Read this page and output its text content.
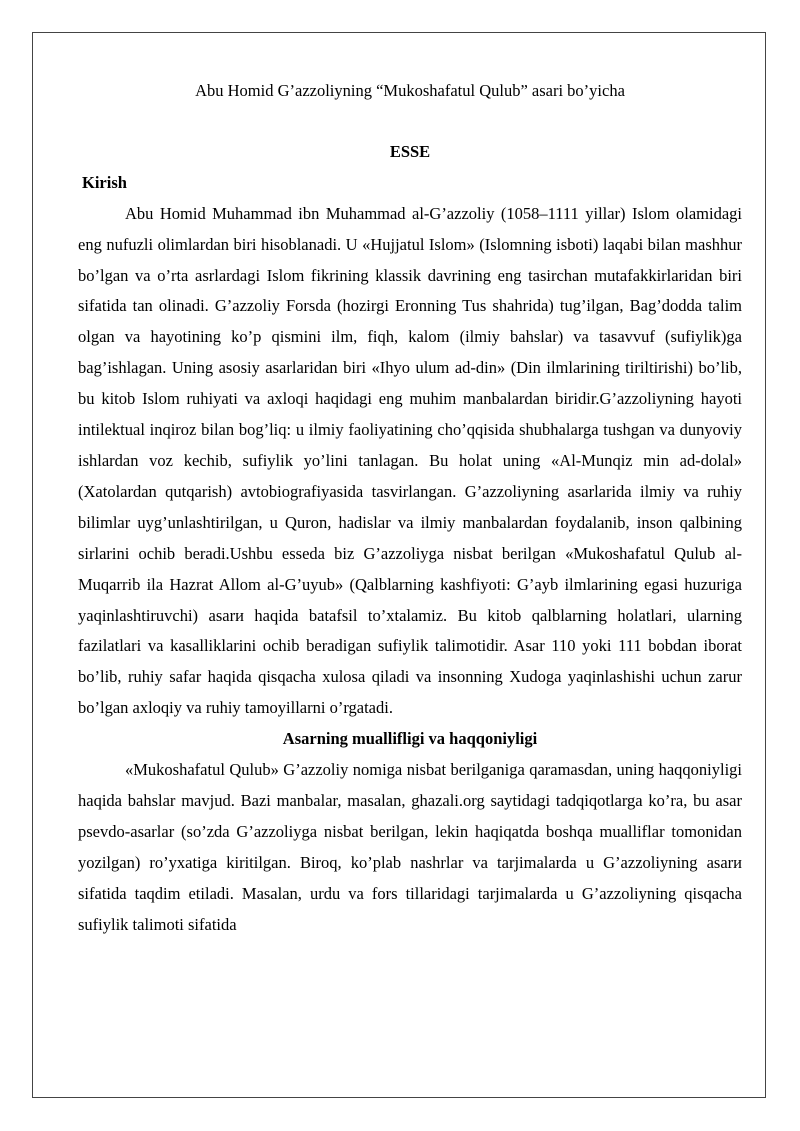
Abu Homid G’azzoliyning “Mukoshafatul Qulub” asari bo’yicha

ESSE

Kirish

Abu Homid Muhammad ibn Muhammad al-G’azzoliy (1058–1111 yillar) Islom olamidagi eng nufuzli olimlardan biri hisoblanadi. U «Hujjatul Islom» (Islomning isboti) laqabi bilan mashhur bo’lgan va o’rta asrlardagi Islom fikrining klassik davrining eng tasirchan mutafakkirlaridan biri sifatida tan olinadi. G’azzoliy Forsda (hozirgi Eronning Tus shahrida) tug’ilgan, Bag’dodda talim olgan va hayotining ko’p qismini ilm, fiqh, kalom (ilmiy bahslar) va tasavvuf (sufiylik)ga bag’ishlagan. Uning asosiy asarlaridan biri «Ihyo ulum ad-din» (Din ilmlarining tiriltirishi) bo’lib, bu kitob Islom ruhiyati va axloqi haqidagi eng muhim manbalardan biridir.G’azzoliyning hayoti intilektual inqiroz bilan bog’liq: u ilmiy faoliyatining cho’qqisida shubhalarga tushgan va dunyoviy ishlardan voz kechib, sufiylik yo’lini tanlagan. Bu holat uning «Al-Munqiz min ad-dolal» (Xatolardan qutqarish) avtobiografiyasida tasvirlangan. G’azzoliyning asarlarida ilmiy va ruhiy bilimlar uyg’unlashtirilgan, u Quron, hadislar va ilmiy manbalardan foydalanib, inson qalbining sirlarini ochib beradi.Ushbu esseda biz G’azzoliyga nisbat berilgan «Mukoshafatul Qulub al-Muqarrib ila Hazrat Allom al-G’uyub» (Qalblarning kashfiyoti: G’ayb ilmlarining egasi huzuriga yaqinlashtiruvchi) asarи haqida batafsil to’xtalamiz. Bu kitob qalblarning holatlari, ularning fazilatlari va kasalliklarini ochib beradigan sufiylik talimotidir. Asar 110 yoki 111 bobdan iborat bo’lib, ruhiy safar haqida qisqacha xulosa qiladi va insonning Xudoga yaqinlashishi uchun zarur bo’lgan axloqiy va ruhiy tamoyillarni o’rgatadi.

Asarning muallifligi va haqqoniyligi

«Mukoshafatul Qulub» G’azzoliy nomiga nisbat berilganiga qaramasdan, uning haqqoniyligi haqida bahslar mavjud. Bazi manbalar, masalan, ghazali.org saytidagi tadqiqotlarga ko’ra, bu asar psevdo-asarlar (so’zda G’azzoliyga nisbat berilgan, lekin haqiqatda boshqa mualliflar tomonidan yozilgan) ro’yxatiga kiritilgan. Biroq, ko’plab nashrlar va tarjimalarda u G’azzoliyning asarи sifatida taqdim etiladi. Masalan, urdu va fors tillaridagi tarjimalarda u G’azzoliyning qisqacha sufiylik talimoti sifatida
